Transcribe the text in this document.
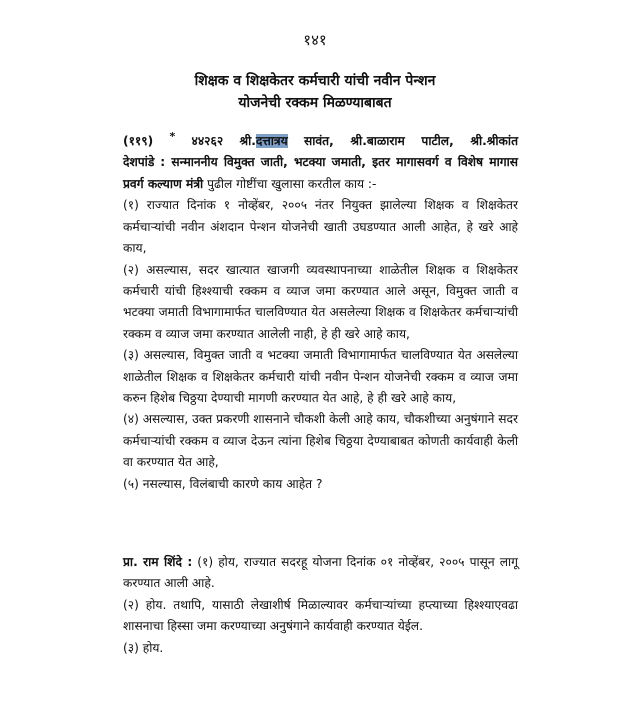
१४१
शिक्षक व शिक्षकेतर कर्मचारी यांची नवीन पेन्शन
योजनेची रक्कम मिळण्याबाबत
(११९) * ४४२६२ श्री.दत्तात्रय सावंत, श्री.बाळाराम पाटील, श्री.श्रीकांत

देशपांडे : सन्माननीय विमुक्त जाती, भटक्या जमाती, इतर मागासवर्ग व विशेष मागास प्रवर्ग कल्याण मंत्री पुढील गोष्टींचा खुलासा करतील काय :-

(१) राज्यात दिनांक १ नोव्हेंबर, २००५ नंतर नियुक्त झालेल्या शिक्षक व शिक्षकेतर कर्मचाऱ्यांची नवीन अंशदान पेन्शन योजनेची खाती उघडण्यात आली आहेत, हे खरे आहे काय,

(२) असल्यास, सदर खात्यात खाजगी व्यवस्थापनाच्या शाळेतील शिक्षक व शिक्षकेतर कर्मचारी यांची हिश्श्याची रक्कम व व्याज जमा करण्यात आले असून, विमुक्त जाती व भटक्या जमाती विभागामार्फत चालविण्यात येत असलेल्या शिक्षक व शिक्षकेतर कर्मचाऱ्यांची रक्कम व व्याज जमा करण्यात आलेली नाही, हे ही खरे आहे काय,

(३) असल्यास, विमुक्त जाती व भटक्या जमाती विभागामार्फत चालविण्यात येत असलेल्या शाळेतील शिक्षक व शिक्षकेतर कर्मचारी यांची नवीन पेन्शन योजनेची रक्कम व व्याज जमा करुन हिशेब चिठ्ठया देण्याची मागणी करण्यात येत आहे, हे ही खरे आहे काय,

(४) असल्यास, उक्त प्रकरणी शासनाने चौकशी केली आहे काय, चौकशीच्या अनुषंगाने सदर कर्मचाऱ्यांची रक्कम व व्याज देऊन त्यांना हिशेब चिठ्ठया देण्याबाबत कोणती कार्यवाही केली वा करण्यात येत आहे,

(५) नसल्यास, विलंबाची कारणे काय आहेत ?

प्रा. राम शिंदे : (१) होय, राज्यात सदरहू योजना दिनांक ०१ नोव्हेंबर, २००५ पासून लागू करण्यात आली आहे.

(२) होय. तथापि, यासाठी लेखाशीर्ष मिळाल्यावर कर्मचाऱ्यांच्या हप्त्याच्या हिश्श्याएवढा शासनाचा हिस्सा जमा करण्याच्या अनुषंगाने कार्यवाही करण्यात येईल.

(३) होय.
